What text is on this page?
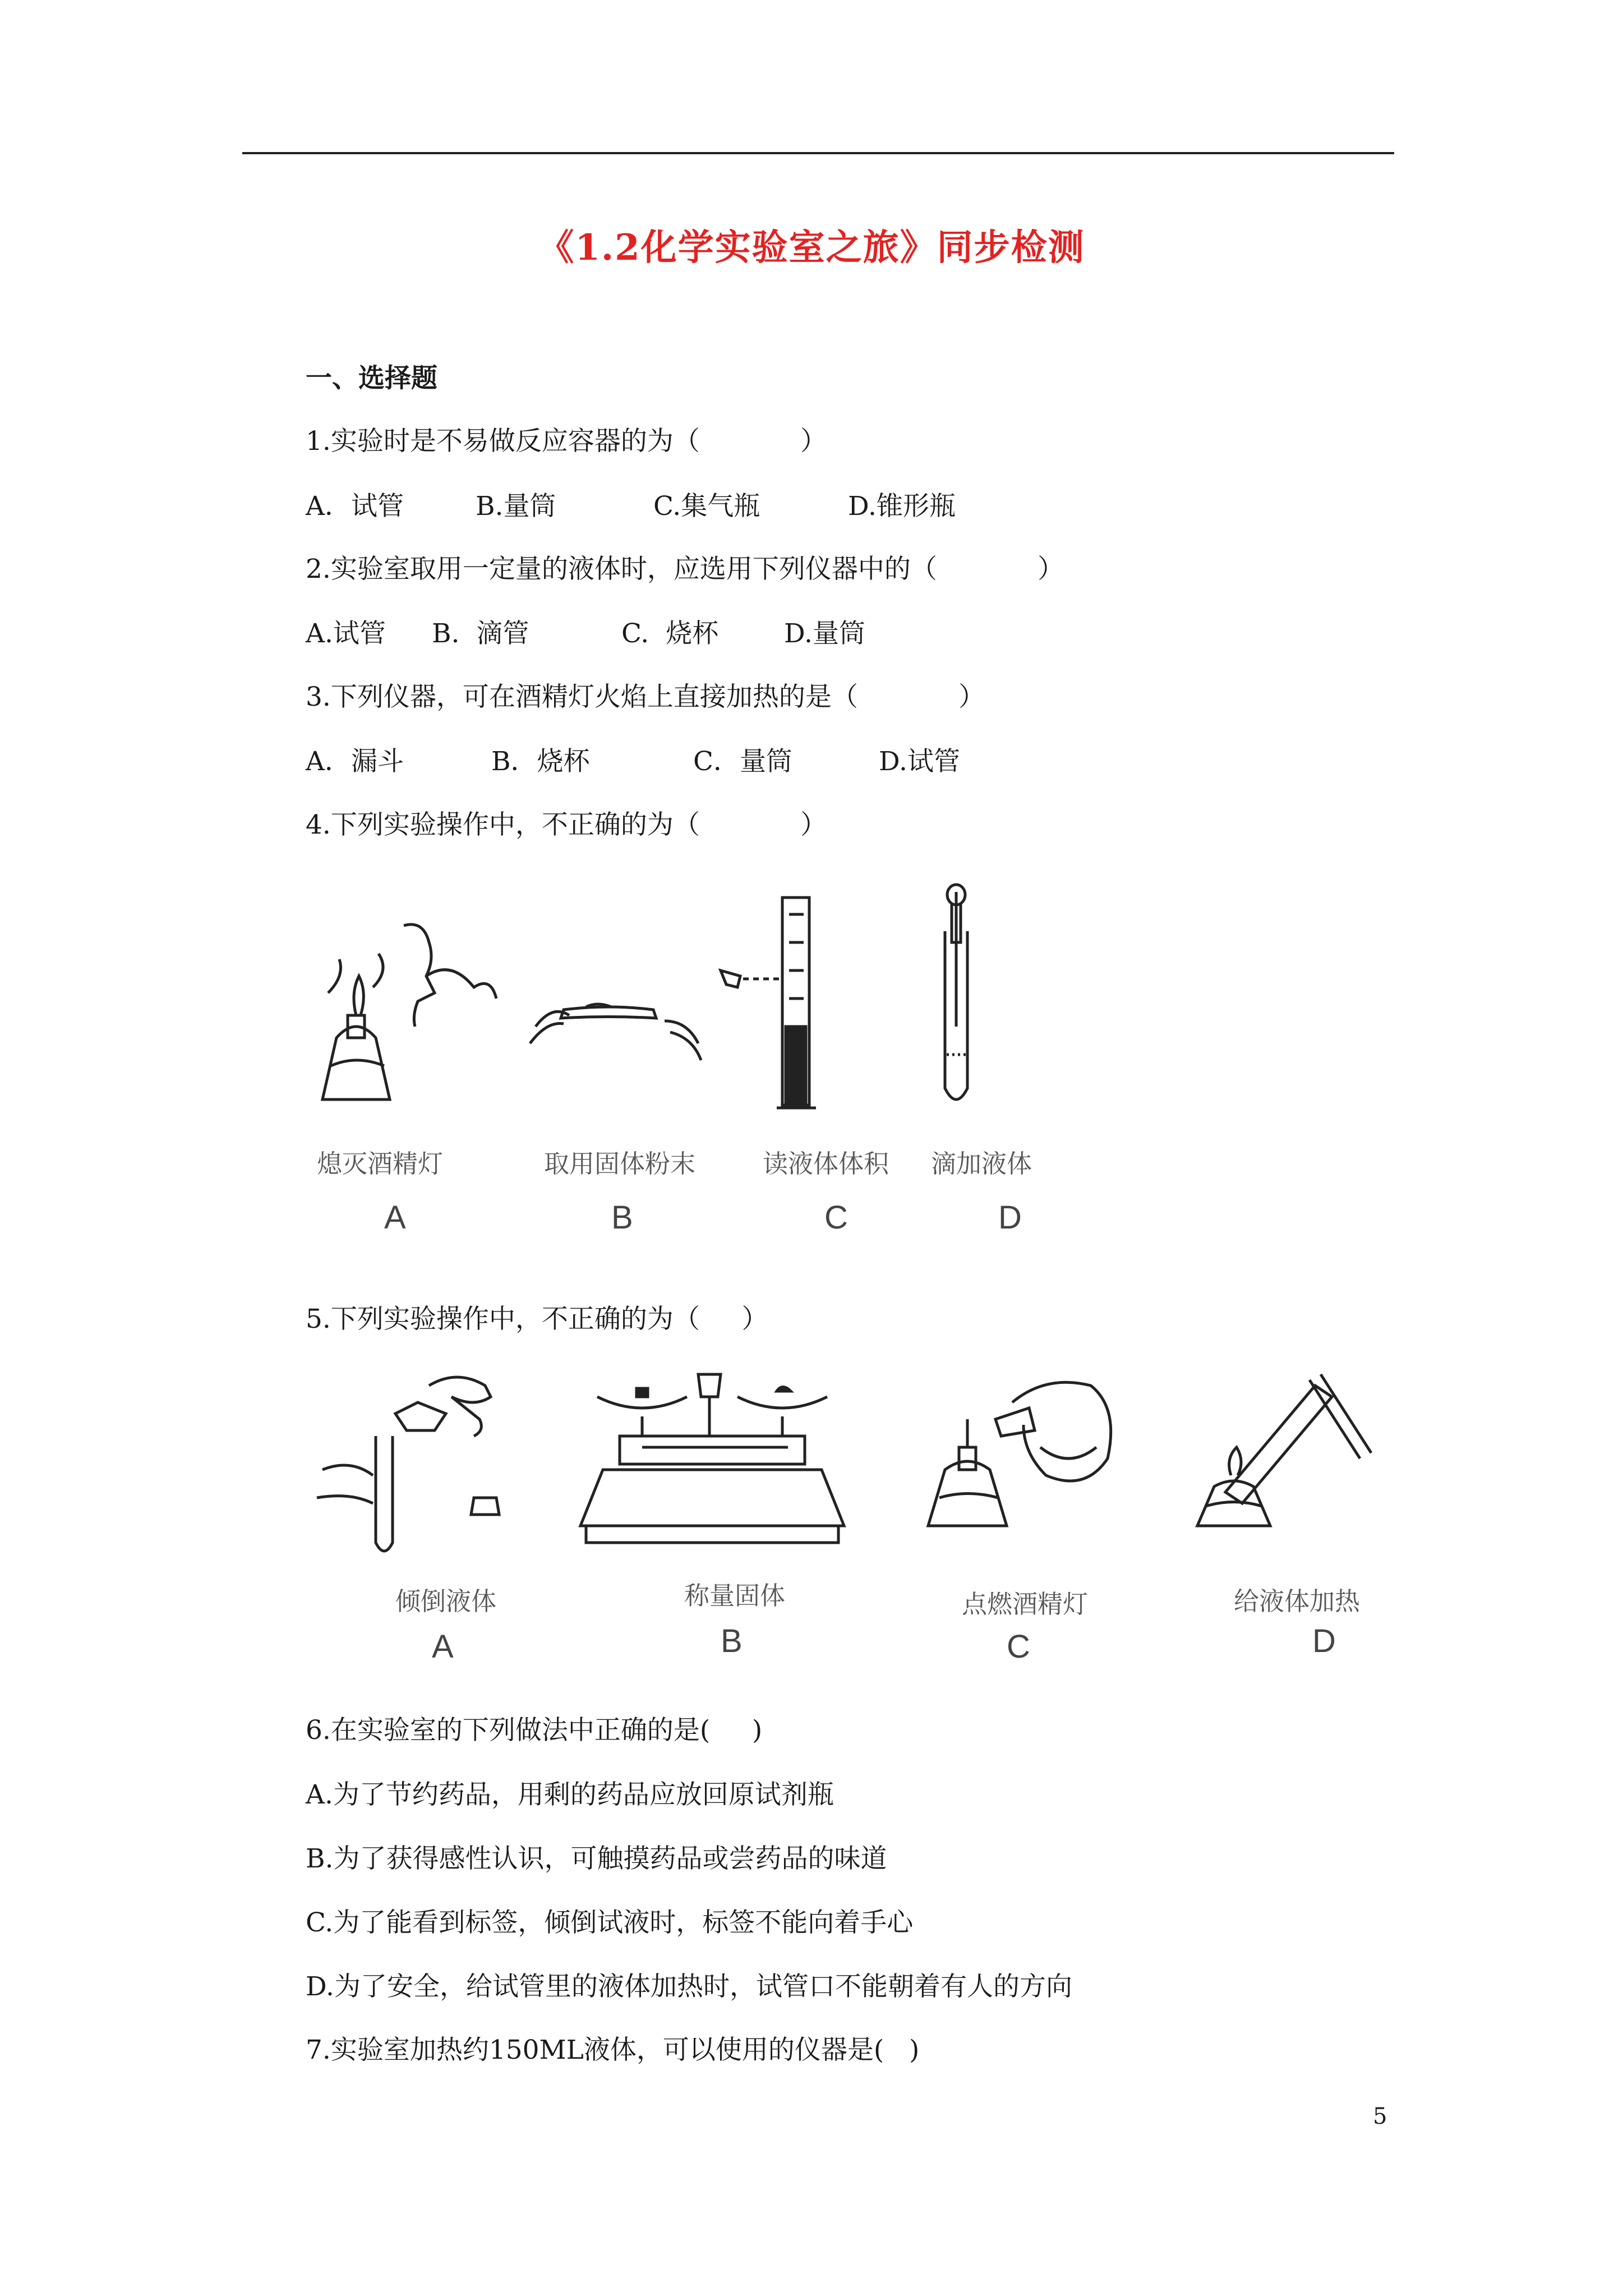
《1.2化学实验室之旅》同步检测
一、选择题
1.实验时是不易做反应容器的为（            ）
A．试管	B.量筒	C.集气瓶	D.锥形瓶
2.实验室取用一定量的液体时，应选用下列仪器中的（            ）
A.试管 B.  滴管	C.  烧杯 D.量筒
3.下列仪器，可在酒精灯火焰上直接加热的是（            ）
A．漏斗	B．烧杯	C．量筒	D.试管
4.下列实验操作中，不正确的为（            ）
熄灭酒精灯	取用固体粉末	读液体体积 滴加液体
A	B	C	D
5.下列实验操作中，不正确的为（     ）
倾倒液体	称量固体	点燃酒精灯	给液体加热
A	B	C	D
6.在实验室的下列做法中正确的是(     )
A.为了节约药品，用剩的药品应放回原试剂瓶
B.为了获得感性认识，可触摸药品或尝药品的味道
C.为了能看到标签，倾倒试液时，标签不能向着手心
D.为了安全，给试管里的液体加热时，试管口不能朝着有人的方向
7.实验室加热约150ML液体，可以使用的仪器是(   )
5
